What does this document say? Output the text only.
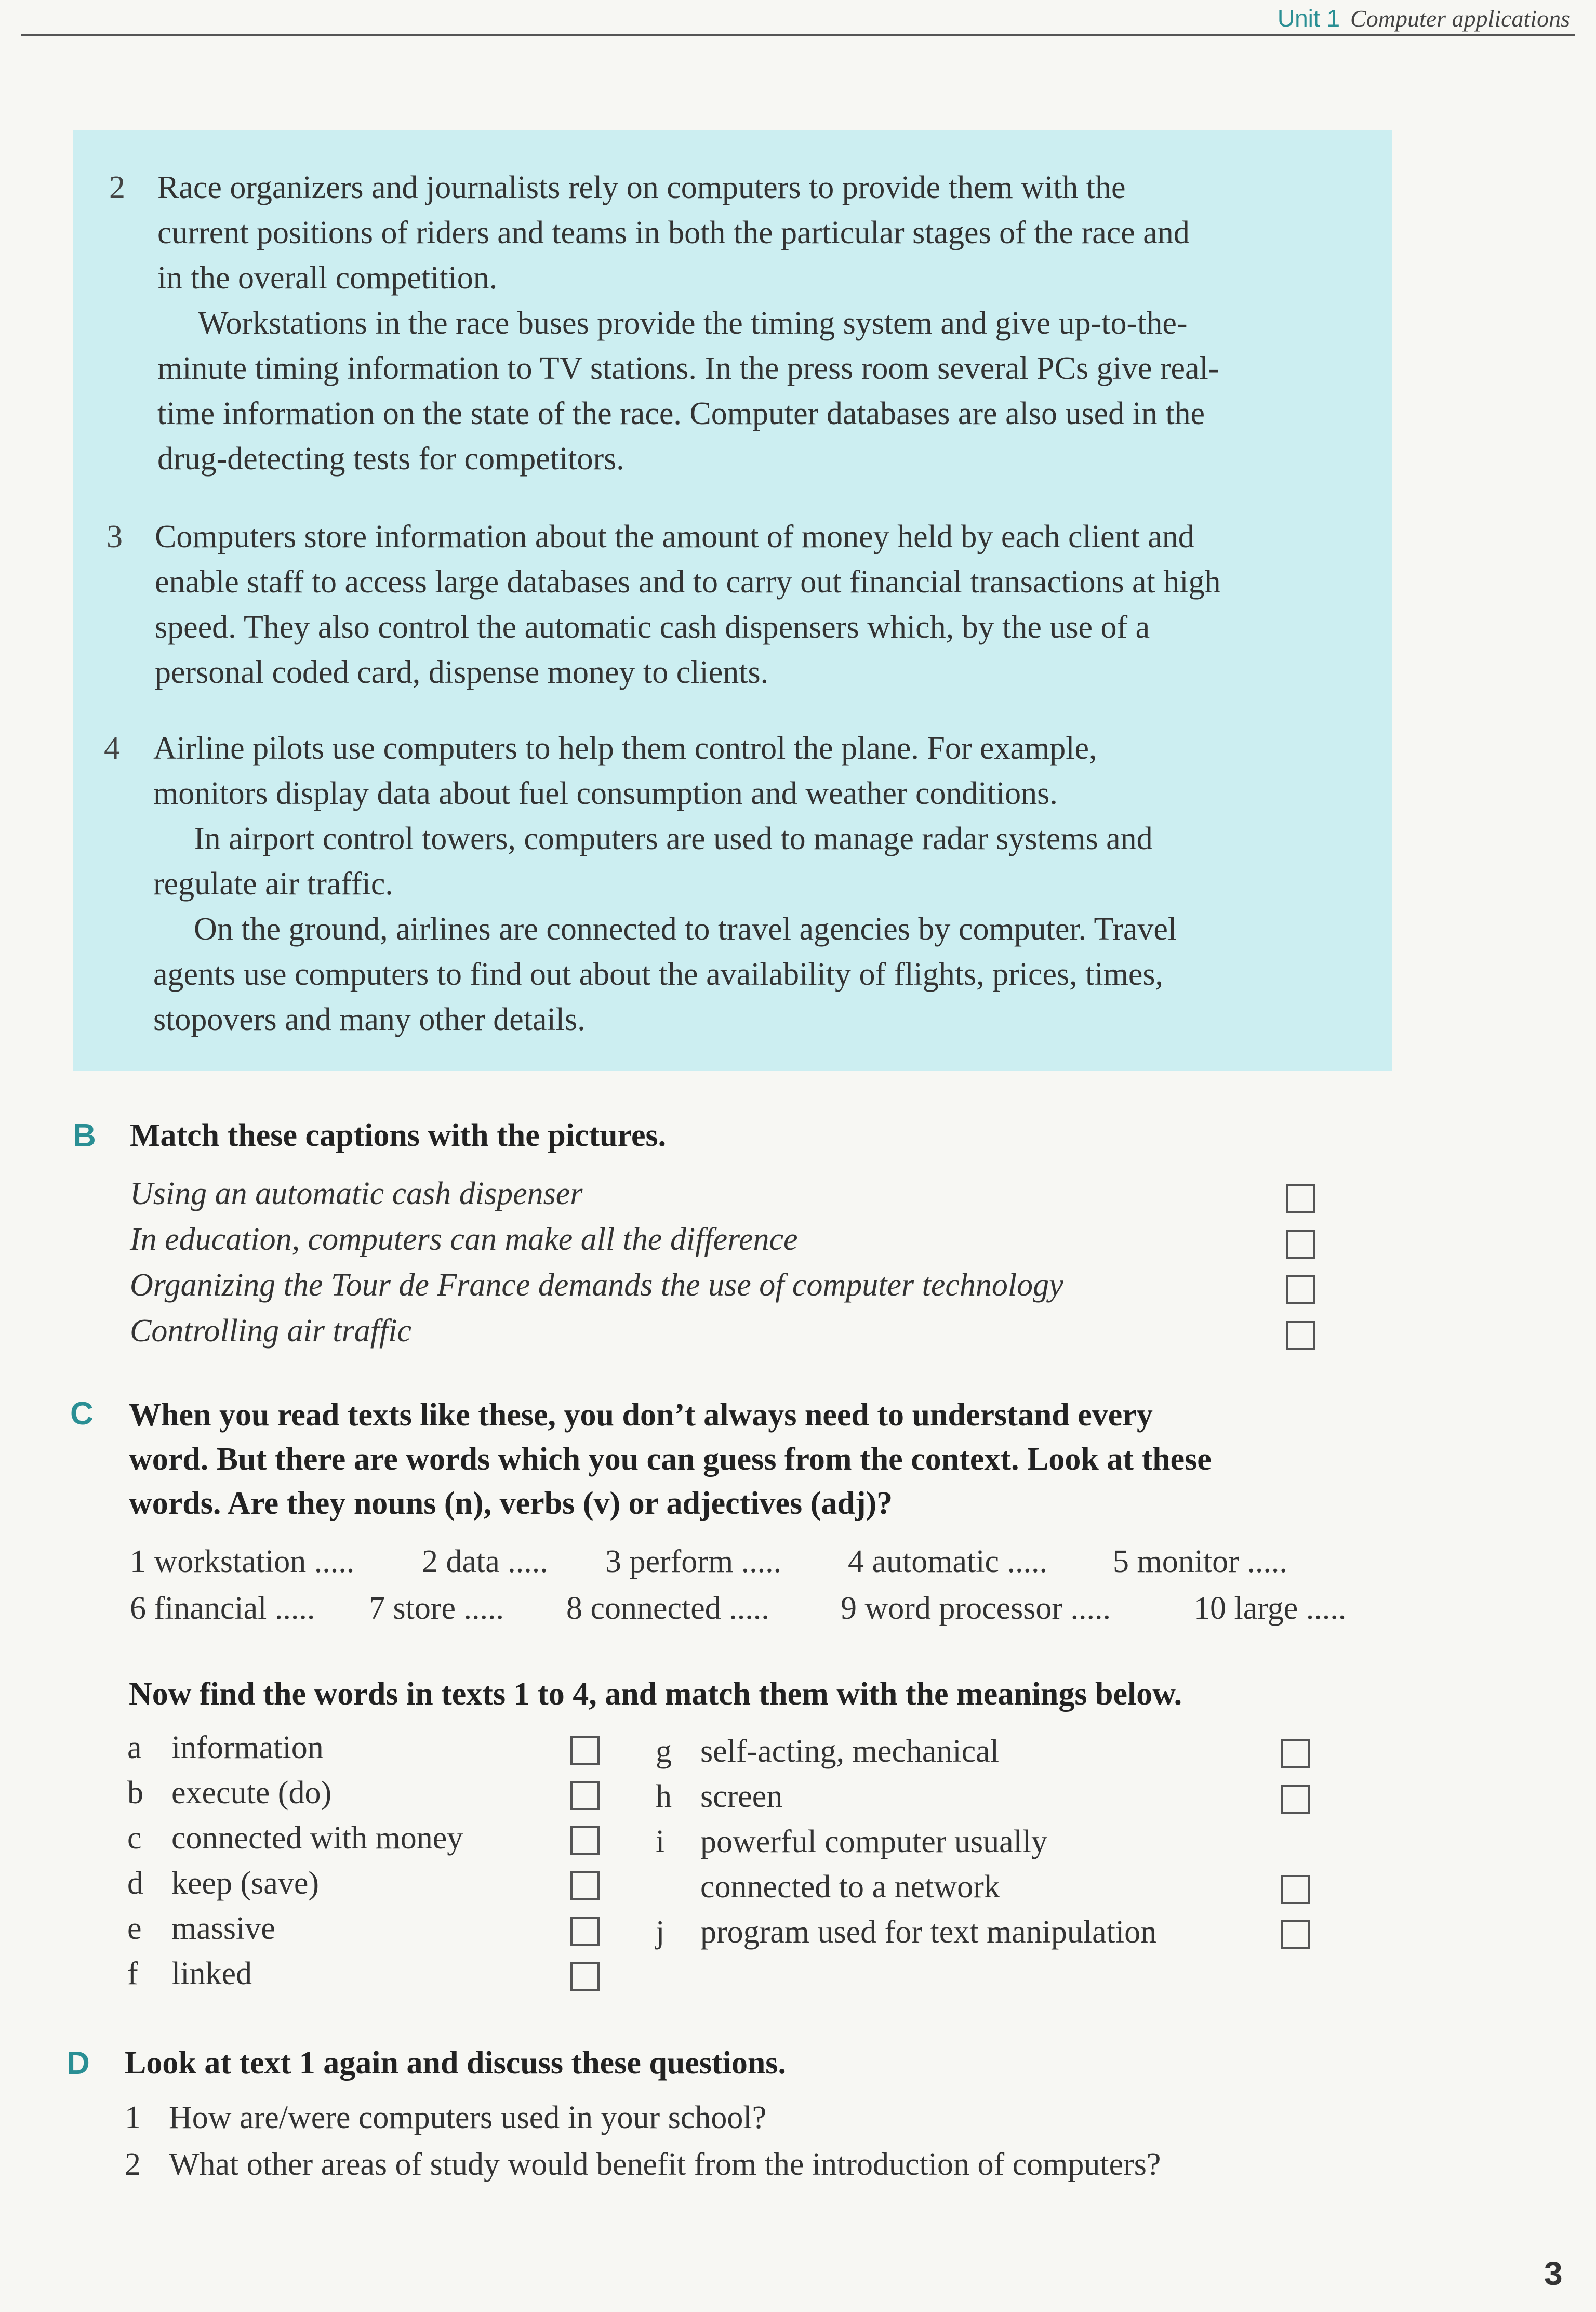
Unit 1 Computer applications
2 Race organizers and journalists rely on computers to provide them with the
current positions of riders and teams in both the particular stages of the race and
in the overall competition.
Workstations in the race buses provide the timing system and give up-to-the-
minute timing information to TV stations. In the press room several PCs give real-
time information on the state of the race. Computer databases are also used in the
drug-detecting tests for competitors.
3 Computers store information about the amount of money held by each client and
enable staff to access large databases and to carry out financial transactions at high
speed. They also control the automatic cash dispensers which, by the use of a
personal coded card, dispense money to clients.
4 Airline pilots use computers to help them control the plane. For example,
monitors display data about fuel consumption and weather conditions.
In airport control towers, computers are used to manage radar systems and
regulate air traffic.
On the ground, airlines are connected to travel agencies by computer. Travel
agents use computers to find out about the availability of flights, prices, times,
stopovers and many other details.
B Match these captions with the pictures.
Using an automatic cash dispenser
In education, computers can make all the difference
Organizing the Tour de France demands the use of computer technology
Controlling air traffic
C When you read texts like these, you don’t always need to understand every
word. But there are words which you can guess from the context. Look at these
words. Are they nouns (n), verbs (v) or adjectives (adj)?
1 workstation ..... 2 data ..... 3 perform ..... 4 automatic ..... 5 monitor .....
6 financial ..... 7 store ..... 8 connected ..... 9 word processor .....	10 large .....
Now find the words in texts 1 to 4, and match them with the meanings below.
a information
b execute (do)
c connected with money
d keep (save)
e massive
f linked
g self-acting, mechanical
h screen
i powerful computer usually
connected to a network
j program used for text manipulation
D Look at text 1 again and discuss these questions.
1 How are/were computers used in your school?
2 What other areas of study would benefit from the introduction of computers?
3
